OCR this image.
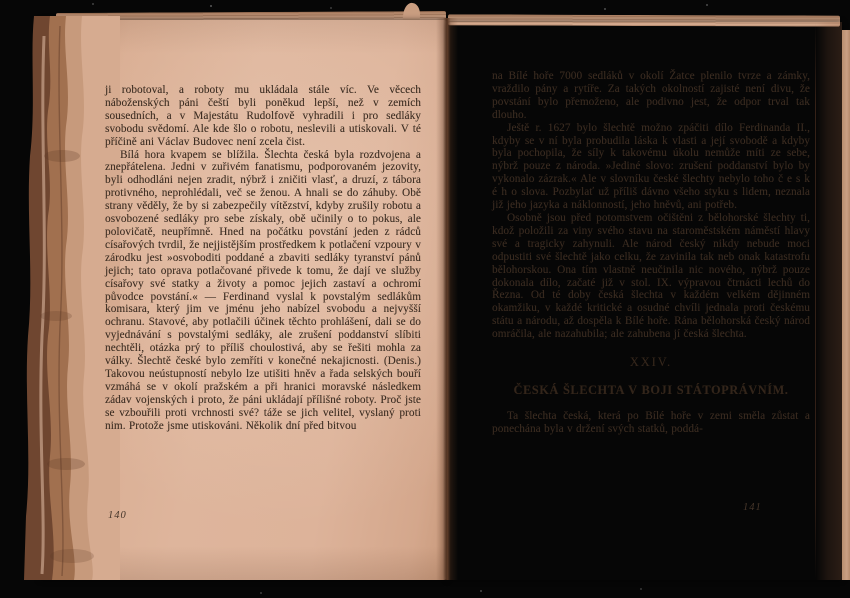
ji robotoval, a roboty mu ukládala stále víc. Ve věcech náboženských páni čeští byli poněkud lepší, než v zemích sousedních, a v Majestátu Rudolfově vyhradili i pro sedláky svobodu svědomí. Ale kde šlo o robotu, neslevili a utiskovali. V té příčině ani Václav Budovec není zcela čist.

Bílá hora kvapem se blížila. Šlechta česká byla rozdvojena a znepřátelena. Jedni v zuřivém fanatismu, podporovaném jezovity, byli odhodláni nejen zradit, nýbrž i zničiti vlasť, a druzí, z tábora protivného, neprohlédali, več se ženou. A hnali se do záhuby. Obě strany věděly, že by si zabezpečily vítězství, kdyby zrušily robotu a osvobozené sedláky pro sebe získaly, obě učinily o to pokus, ale polovičatě, neupřímně. Hned na počátku povstání jeden z rádců císařových tvrdil, že nejjistějším prostředkem k potlačení vzpoury v zárodku jest »osvoboditi poddané a zbaviti sedláky tyranství pánů jejich; tato oprava potlačované přivede k tomu, že dají ve služby císařovy své statky a životy a pomoc jejich zastaví a ochromí původce povstání.« — Ferdinand vyslal k povstalým sedlákům komisara, který jim ve jménu jeho nabízel svobodu a nejvyšší ochranu. Stavové, aby potlačili účinek těchto prohlášení, dali se do vyjednávání s povstalými sedláky, ale zrušení poddanství slíbiti nechtěli, otázka prý to příliš choulostivá, aby se řešiti mohla za války. Šlechtě české bylo zemříti v konečné nekajicnosti. (Denis.) Takovou neústupností nebylo lze utišiti hněv a řada selských bouří vzmáhá se v okolí pražském a při hranici moravské následkem zádav vojenských i proto, že páni ukládají přílišné roboty. Proč jste se vzbouřili proti vrchnosti své? táže se jich velitel, vyslaný proti nim. Protože jsme utiskováni. Několik dní před bitvou

140

na Bílé hoře 7000 sedláků v okolí Žatce plenilo tvrze a zámky, vraždilo pány a rytíře. Za takých okolností zajisté není divu, že povstání bylo přemoženo, ale podivno jest, že odpor trval tak dlouho.

Ještě r. 1627 bylo šlechtě možno zpáčiti dílo Ferdinanda II., kdyby se v ní byla probudila láska k vlasti a její svobodě a kdyby byla pochopila, že síly k takovému úkolu nemůže míti ze sebe, nýbrž pouze z národa. »Jediné slovo: zrušení poddanství bylo by vykonalo zázrak.« Ale v slovníku české šlechty nebylo toho č e s k é h o slova. Pozbylať už příliš dávno všeho styku s lidem, neznala již jeho jazyka a náklonností, jeho hněvů, ani potřeb.

Osobně jsou před potomstvem očištěni z bělohorské šlechty ti, kdož položili za viny svého stavu na staroměstském náměstí hlavy své a tragicky zahynuli. Ale národ český nikdy nebude moci odpustiti své šlechtě jako celku, že zavinila tak neb onak katastrofu bělohorskou. Ona tím vlastně neučinila nic nového, nýbrž pouze dokonala dílo, začaté již v stol. IX. výpravou čtrnácti lechů do Řezna. Od té doby česká šlechta v každém velkém dějinném okamžiku, v každé kritické a osudné chvíli jednala proti českému státu a národu, až dospěla k Bílé hoře. Rána bělohorská český národ omráčila, ale nazahubila; ale zahubena jí česká šlechta.

XXIV.

ČESKÁ ŠLECHTA V BOJI STÁTOPRÁVNÍM.

Ta šlechta česká, která po Bílé hoře v zemi směla zůstat a ponechána byla v držení svých statků, poddá-

141
